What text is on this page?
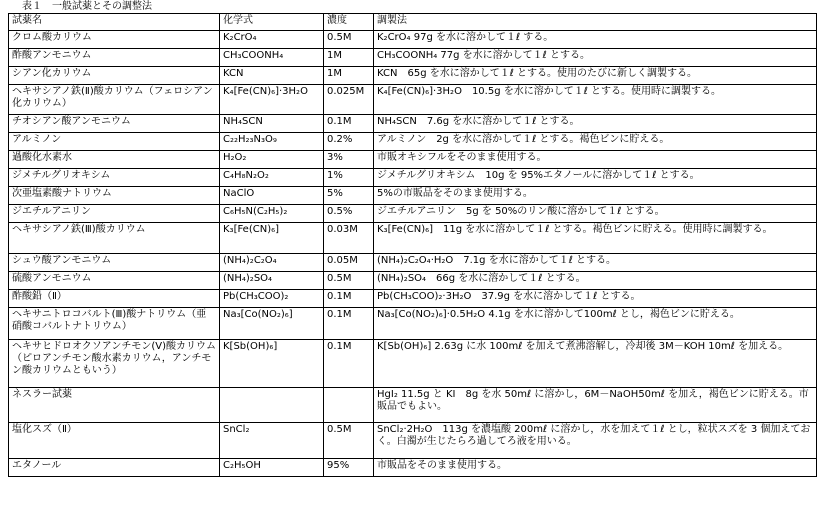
表１　一般試薬とその調整法
試薬名	化学式	濃度	調製法
クロム酸カリウム	K₂CrO₄	0.5M	K₂CrO₄ 97g を水に溶かして１ℓ する。
酢酸アンモニウム	CH₃COONH₄	1M	CH₃COONH₄ 77g を水に溶かして１ℓ とする。
シアン化カリウム	KCN	1M	KCN　65g を水に溶かして１ℓ とする。使用のたびに新しく調製する。
ヘキサシアノ鉄(Ⅱ)酸カリウム（フェロシアン化カリウム）	K₄[Fe(CN)₆]·3H₂O	0.025M	K₄[Fe(CN)₆]·3H₂O　10.5g を水に溶かして１ℓ とする。使用時に調製する。
チオシアン酸アンモニウム	NH₄SCN	0.1M	NH₄SCN　7.6g を水に溶かして１ℓ とする。
アルミノン	C₂₂H₂₃N₃O₉	0.2%	アルミノン　2g を水に溶かして１ℓ とする。褐色ビンに貯える。
過酸化水素水	H₂O₂	3%	市販オキシフルをそのまま使用する。
ジメチルグリオキシム	C₄H₈N₂O₂	1%	ジメチルグリオキシム　10g を 95%エタノールに溶かして１ℓ とする。
次亜塩素酸ナトリウム	NaClO	5%	5%の市販品をそのまま使用する。
ジエチルアニリン	C₆H₅N(C₂H₅)₂	0.5%	ジエチルアニリン　5g を 50%のリン酸に溶かして１ℓ とする。
ヘキサシアノ鉄(Ⅲ)酸カリウム	K₃[Fe(CN)₆]	0.03M	K₃[Fe(CN)₆]　11g を水に溶かして１ℓ とする。褐色ビンに貯える。使用時に調製する。
シュウ酸アンモニウム	(NH₄)₂C₂O₄	0.05M	(NH₄)₂C₂O₄·H₂O　7.1g を水に溶かして１ℓ とする。
硫酸アンモニウム	(NH₄)₂SO₄	0.5M	(NH₄)₂SO₄　66g を水に溶かして１ℓ とする。
酢酸鉛（Ⅱ）	Pb(CH₃COO)₂	0.1M	Pb(CH₃COO)₂·3H₂O　37.9g を水に溶かして１ℓ とする。
ヘキサニトロコバルト(Ⅲ)酸ナトリウム（亜硝酸コバルトナトリウム）	Na₃[Co(NO₂)₆]	0.1M	Na₃[Co(NO₂)₆]·0.5H₂O 4.1g を水に溶かして100mℓ とし，褐色ビンに貯える。
ヘキサヒドロオクソアンチモン(Ⅴ)酸カリウム（ピロアンチモン酸水素カリウム，アンチモン酸カリウムともいう）	K[Sb(OH)₆]	0.1M	K[Sb(OH)₆] 2.63g に水 100mℓ を加えて煮沸溶解し，冷却後 3M－KOH 10mℓ を加える。
ネスラー試薬			HgI₂ 11.5g と KI　8g を水 50mℓ に溶かし，6M－NaOH50mℓ を加え，褐色ビンに貯える。市販品でもよい。
塩化スズ（Ⅱ）	SnCl₂	0.5M	SnCl₂·2H₂O　113g を濃塩酸 200mℓ に溶かし，水を加えて１ℓ とし，粒状スズを 3 個加えておく。白濁が生じたらろ過してろ液を用いる。
エタノール	C₂H₅OH	95%	市販品をそのまま使用する。
